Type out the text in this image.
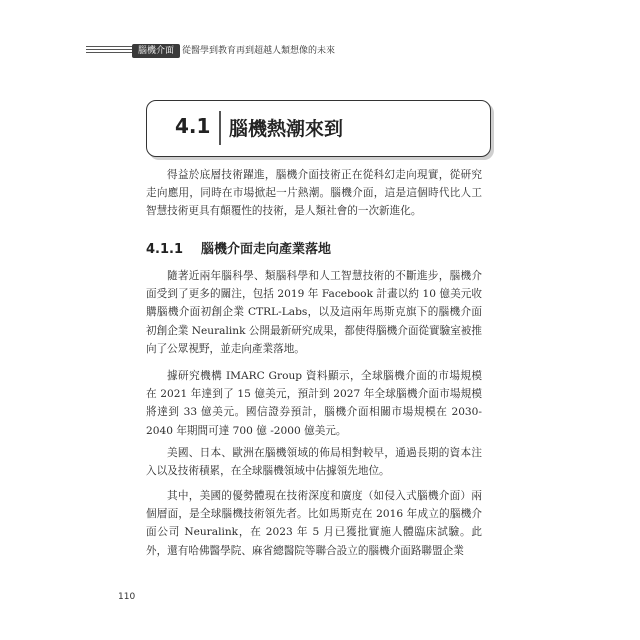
腦機介面 從醫學到教育再到超越人類想像的未來
4.1 腦機熱潮來到

得益於底層技術躍進，腦機介面技術正在從科幻走向現實，從研究走向應用，同時在市場掀起一片熱潮。腦機介面，這是這個時代比人工智慧技術更具有顛覆性的技術，是人類社會的一次新進化。

4.1.1 腦機介面走向產業落地

隨著近兩年腦科學、類腦科學和人工智慧技術的不斷進步，腦機介面受到了更多的關注，包括 2019 年 Facebook 計畫以約 10 億美元收購腦機介面初創企業 CTRL-Labs，以及這兩年馬斯克旗下的腦機介面初創企業 Neuralink 公開最新研究成果，都使得腦機介面從實驗室被推向了公眾視野，並走向產業落地。

據研究機構 IMARC Group 資料顯示，全球腦機介面的市場規模在 2021 年達到了 15 億美元，預計到 2027 年全球腦機介面市場規模將達到 33 億美元。國信證券預計，腦機介面相關市場規模在 2030-2040 年期間可達 700 億 -2000 億美元。

美國、日本、歐洲在腦機領域的佈局相對較早，通過長期的資本注入以及技術積累，在全球腦機領域中佔據領先地位。

其中，美國的優勢體現在技術深度和廣度（如侵入式腦機介面）兩個層面，是全球腦機技術領先者。比如馬斯克在 2016 年成立的腦機介面公司 Neuralink，在 2023 年 5 月已獲批實施人體臨床試驗。此外，還有哈佛醫學院、麻省總醫院等聯合設立的腦機介面路聯盟企業

110
